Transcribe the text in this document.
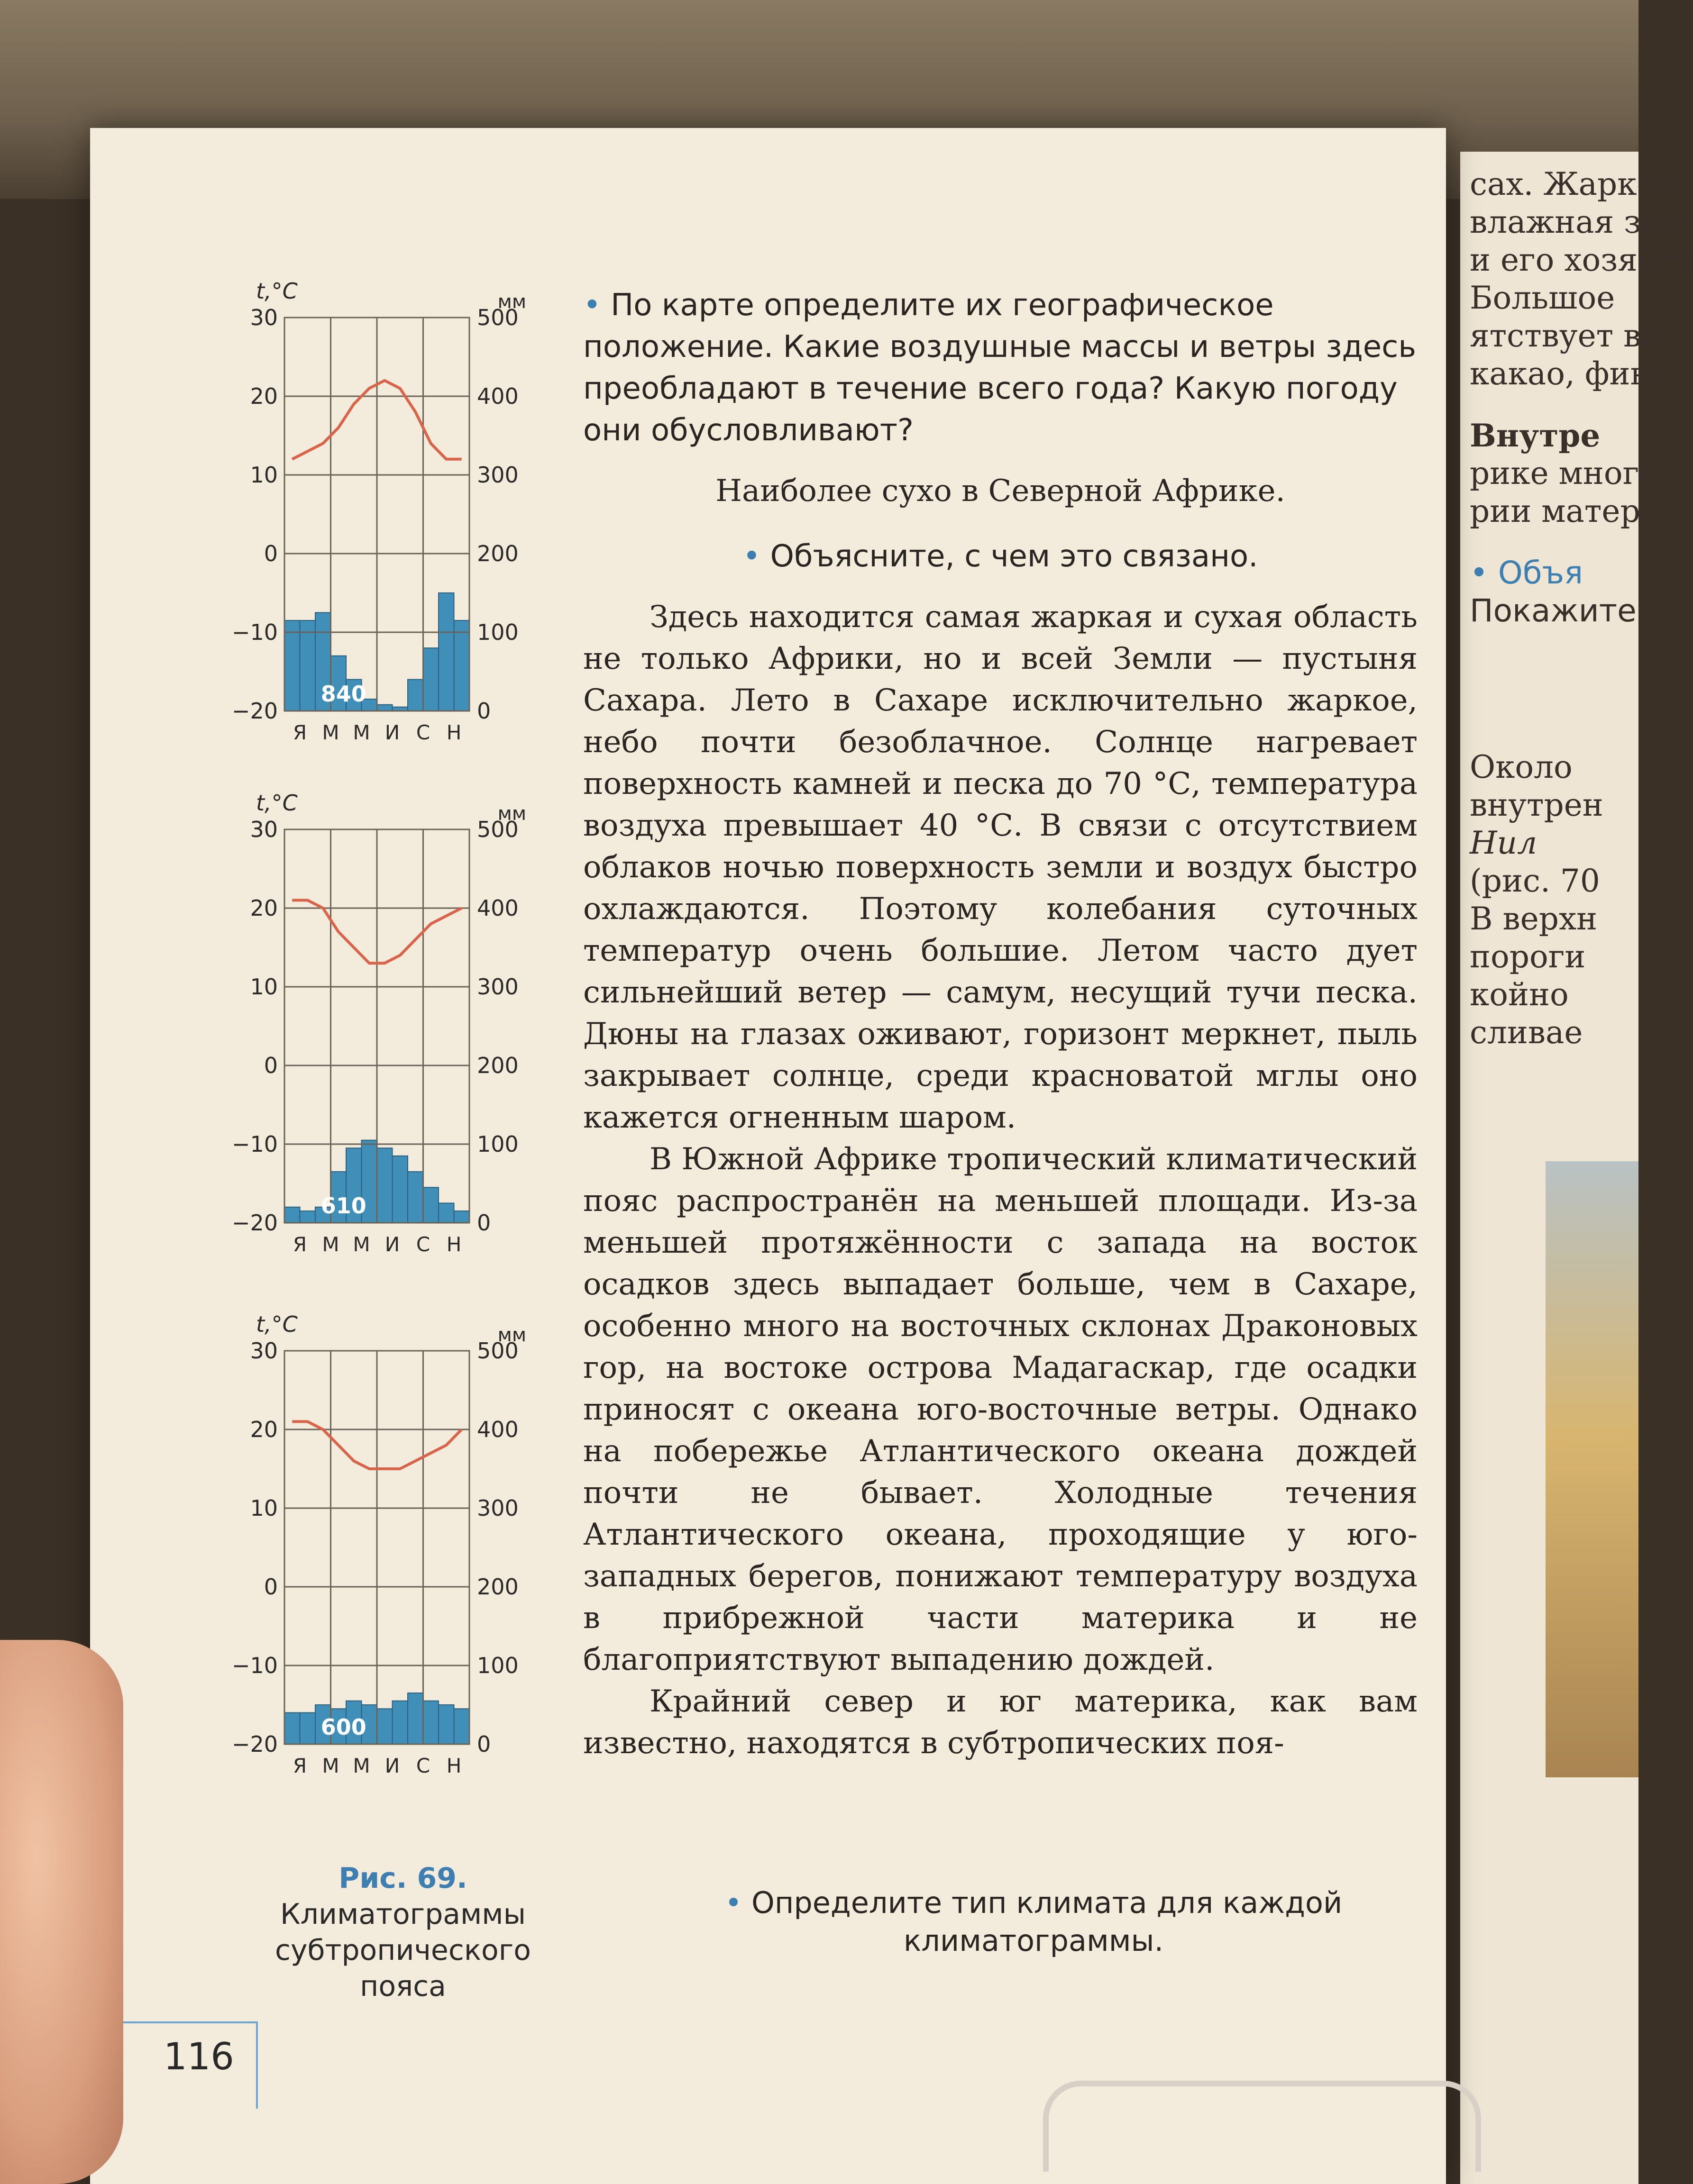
сах. Жаркое
влажная зим
и его хозяйст
Большое
ятствует вы
какао, фини
Внутре
рике много
рии матер
• Объя
Покажите
Около
внутрен
Нил
(рис. 70
В верхн
пороги
койно
сливае
t,°C	мм
30	500
20	400
10	300
0	200
−10	100
−20	0
840
Я М М И С Н
t,°C	мм
30	500
20	400
10	300
0	200
−10	100
−20	0
610
Я М М И С Н
t,°C	мм
30	500
20	400
10	300
0	200
−10	100
−20	0
600
Я М М И С Н
Рис. 69. Климатограммы субтропического пояса
116

• По карте определите их географическое положение. Какие воздушные массы и ветры здесь преобладают в течение всего года? Какую погоду они обусловливают?

Наиболее сухо в Северной Африке.

• Объясните, с чем это связано.

Здесь находится самая жаркая и сухая область не только Африки, но и всей Земли — пустыня Сахара. Лето в Сахаре исключительно жаркое, небо почти безоблачное. Солнце нагревает поверхность камней и песка до 70 °С, температура воздуха превышает 40 °С. В связи с отсутствием облаков ночью поверхность земли и воздух быстро охлаждаются. Поэтому колебания суточных температур очень большие. Летом часто дует сильнейший ветер — самум, несущий тучи песка. Дюны на глазах оживают, горизонт меркнет, пыль закрывает солнце, среди красноватой мглы оно кажется огненным шаром.

В Южной Африке тропический климатический пояс распространён на меньшей площади. Из-за меньшей протяжённости с запада на восток осадков здесь выпадает больше, чем в Сахаре, особенно много на восточных склонах Драконовых гор, на востоке острова Мадагаскар, где осадки приносят с океана юго-восточные ветры. Однако на побережье Атлантического океана дождей почти не бывает. Холодные течения Атлантического океана, проходящие у юго-западных берегов, понижают температуру воздуха в прибрежной части материка и не благоприятствуют выпадению дождей.

Крайний север и юг материка, как вам известно, находятся в субтропических поя-

• Определите тип климата для каждой климатограммы.
